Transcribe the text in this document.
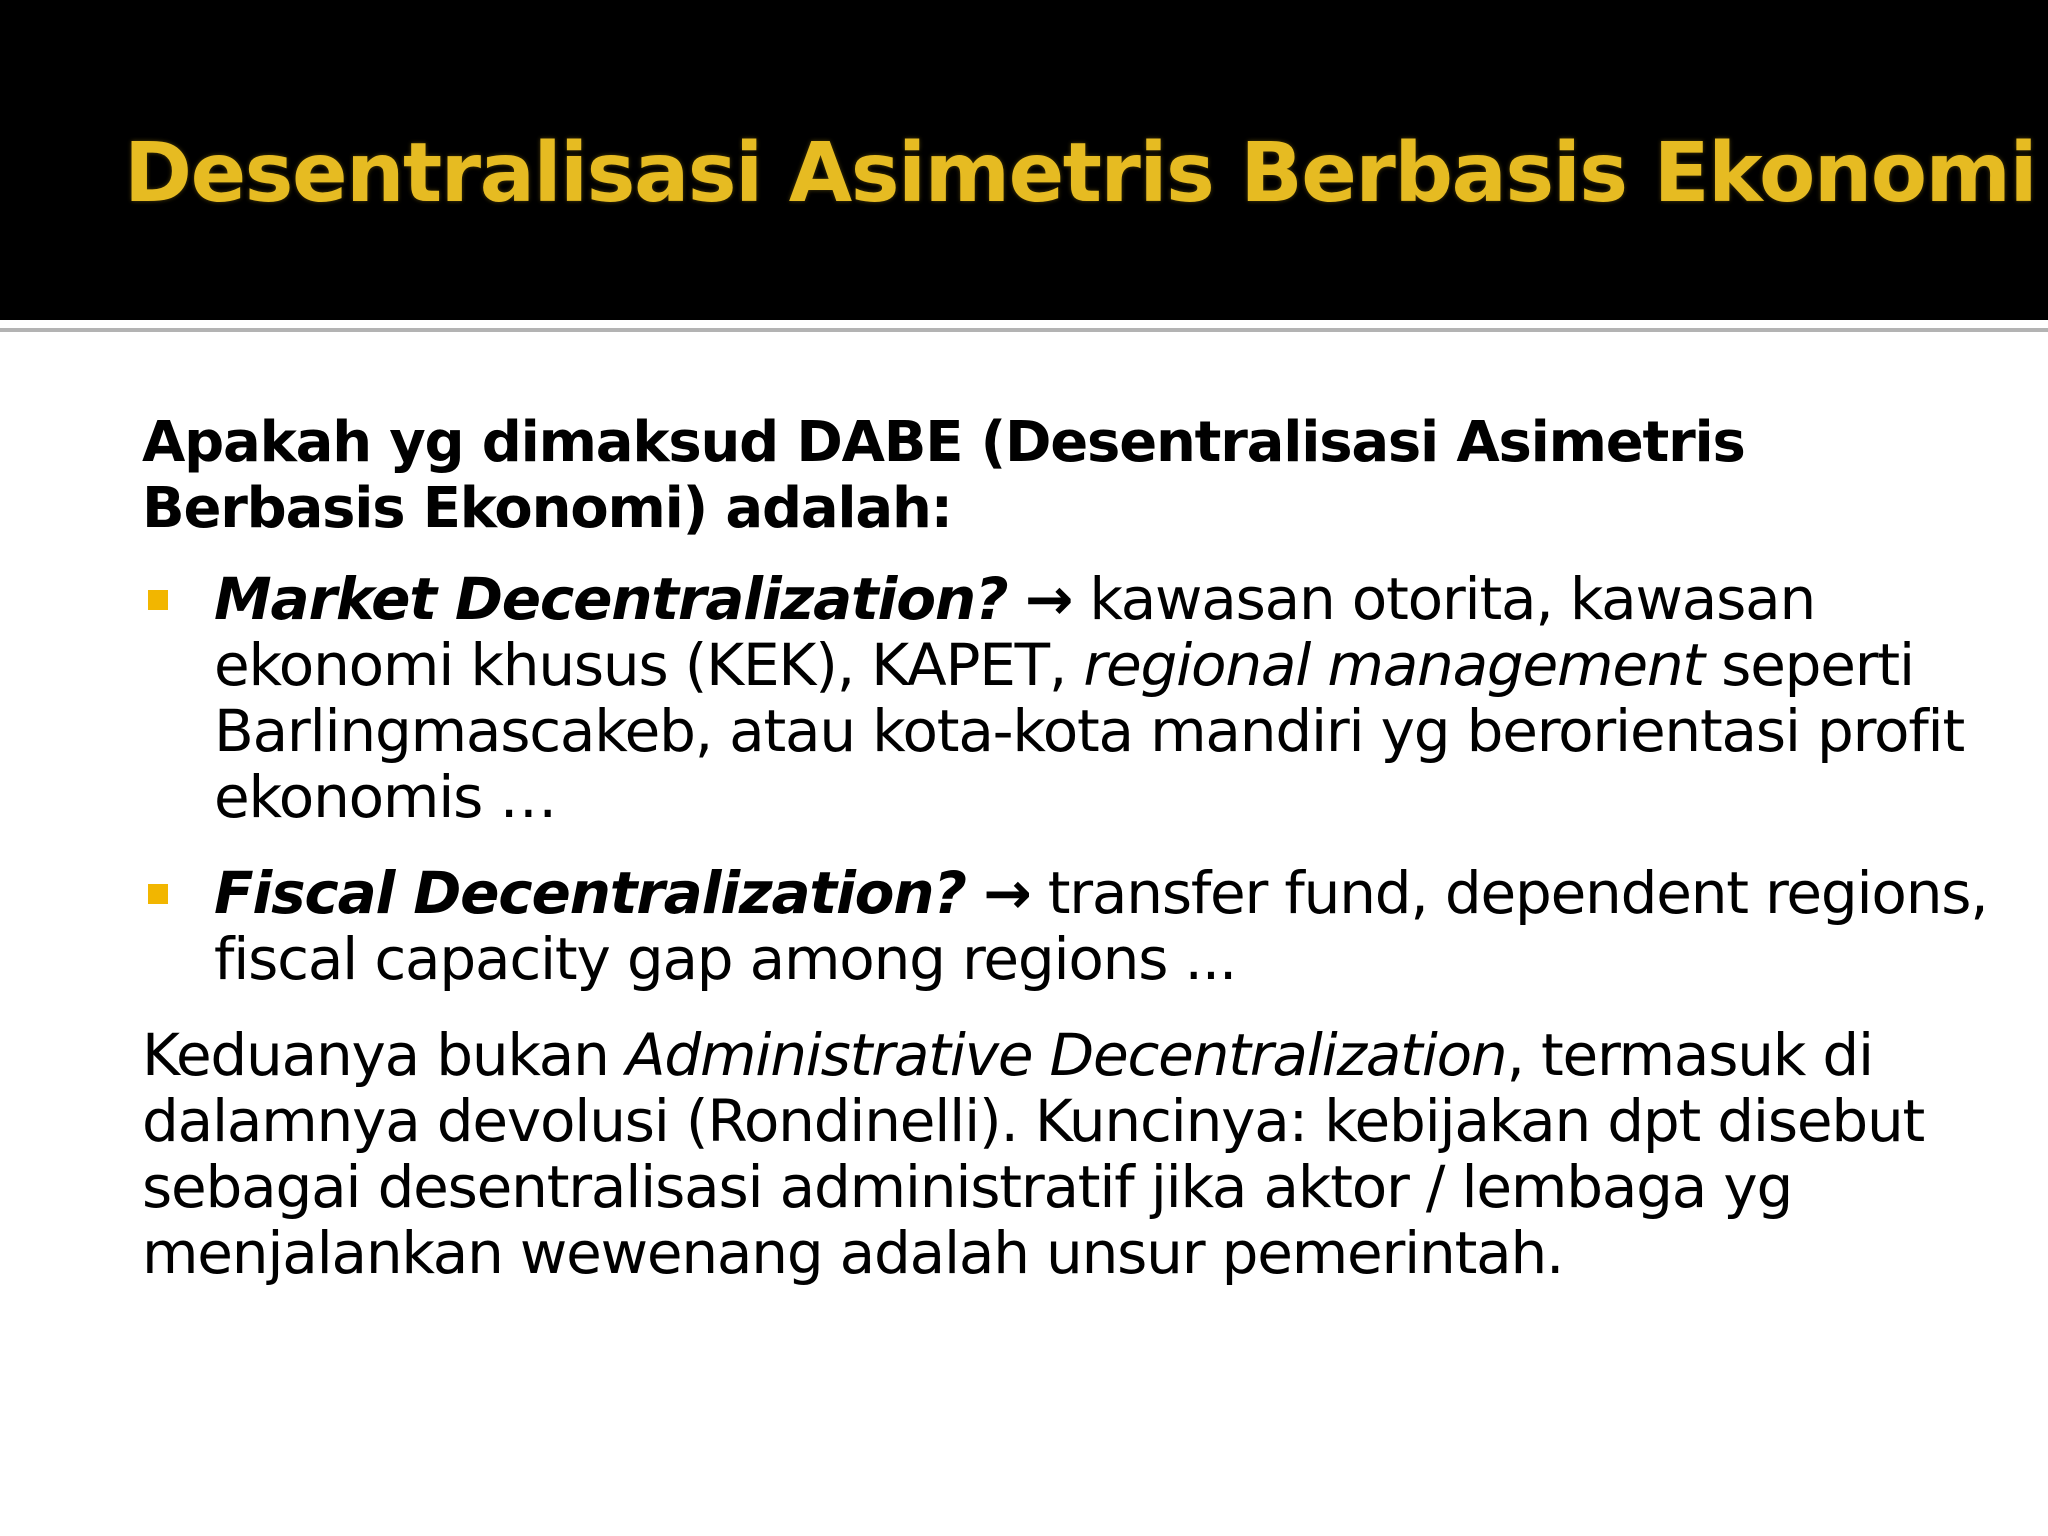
Desentralisasi Asimetris Berbasis Ekonomi

Apakah yg dimaksud DABE (Desentralisasi Asimetris Berbasis Ekonomi) adalah:

Market Decentralization? → kawasan otorita, kawasan ekonomi khusus (KEK), KAPET, regional management seperti Barlingmascakeb, atau kota-kota mandiri yg berorientasi profit ekonomis …
Fiscal Decentralization? → transfer fund, dependent regions, fiscal capacity gap among regions ...

Keduanya bukan Administrative Decentralization, termasuk di dalamnya devolusi (Rondinelli). Kuncinya: kebijakan dpt disebut sebagai desentralisasi administratif jika aktor / lembaga yg menjalankan wewenang adalah unsur pemerintah.
